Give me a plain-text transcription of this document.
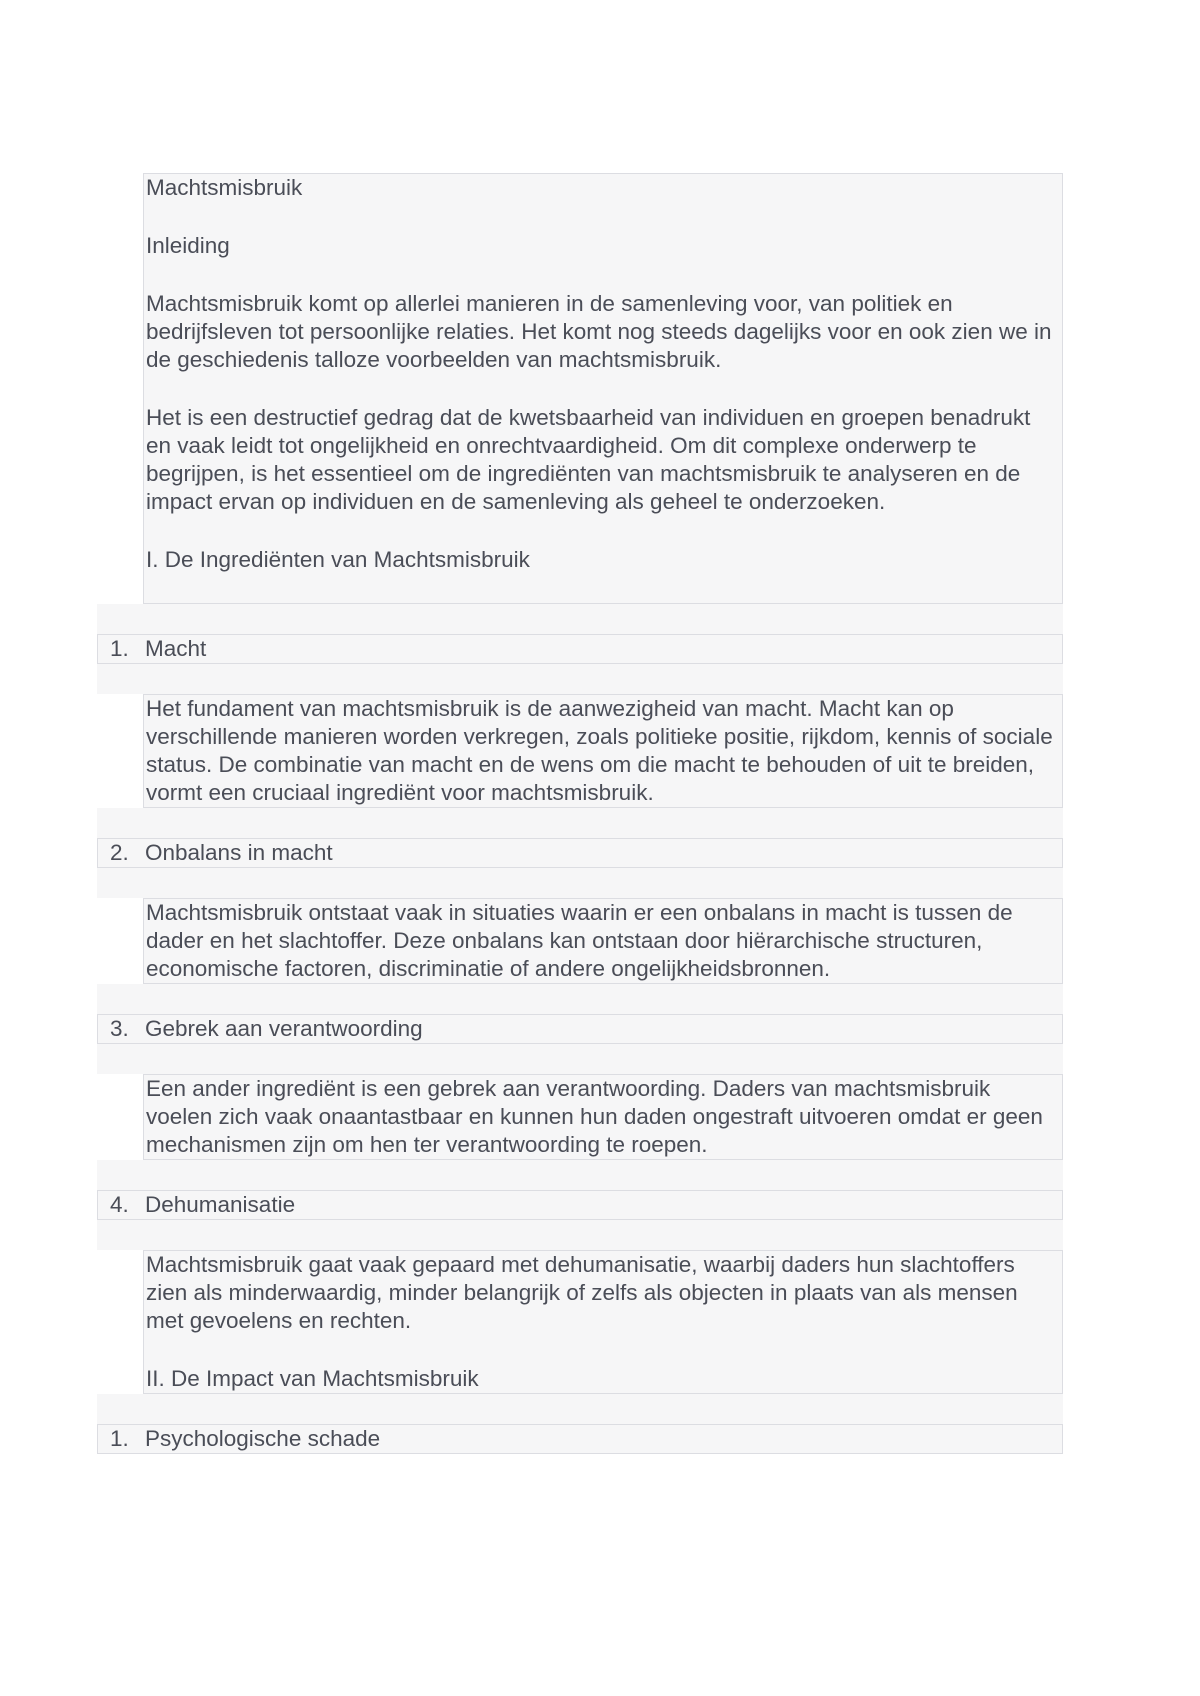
Machtsmisbruik

Inleiding

Machtsmisbruik komt op allerlei manieren in de samenleving voor, van politiek en bedrijfsleven tot persoonlijke relaties. Het komt nog steeds dagelijks voor en ook zien we in de geschiedenis talloze voorbeelden van machtsmisbruik.

Het is een destructief gedrag dat de kwetsbaarheid van individuen en groepen benadrukt en vaak leidt tot ongelijkheid en onrechtvaardigheid. Om dit complexe onderwerp te begrijpen, is het essentieel om de ingrediënten van machtsmisbruik te analyseren en de impact ervan op individuen en de samenleving als geheel te onderzoeken.

I. De Ingrediënten van Machtsmisbruik

1. Macht

Het fundament van machtsmisbruik is de aanwezigheid van macht. Macht kan op verschillende manieren worden verkregen, zoals politieke positie, rijkdom, kennis of sociale status. De combinatie van macht en de wens om die macht te behouden of uit te breiden, vormt een cruciaal ingrediënt voor machtsmisbruik.

2. Onbalans in macht

Machtsmisbruik ontstaat vaak in situaties waarin er een onbalans in macht is tussen de dader en het slachtoffer. Deze onbalans kan ontstaan door hiërarchische structuren, economische factoren, discriminatie of andere ongelijkheidsbronnen.

3. Gebrek aan verantwoording

Een ander ingrediënt is een gebrek aan verantwoording. Daders van machtsmisbruik voelen zich vaak onaantastbaar en kunnen hun daden ongestraft uitvoeren omdat er geen mechanismen zijn om hen ter verantwoording te roepen.

4. Dehumanisatie

Machtsmisbruik gaat vaak gepaard met dehumanisatie, waarbij daders hun slachtoffers zien als minderwaardig, minder belangrijk of zelfs als objecten in plaats van als mensen met gevoelens en rechten.

II. De Impact van Machtsmisbruik

1. Psychologische schade
